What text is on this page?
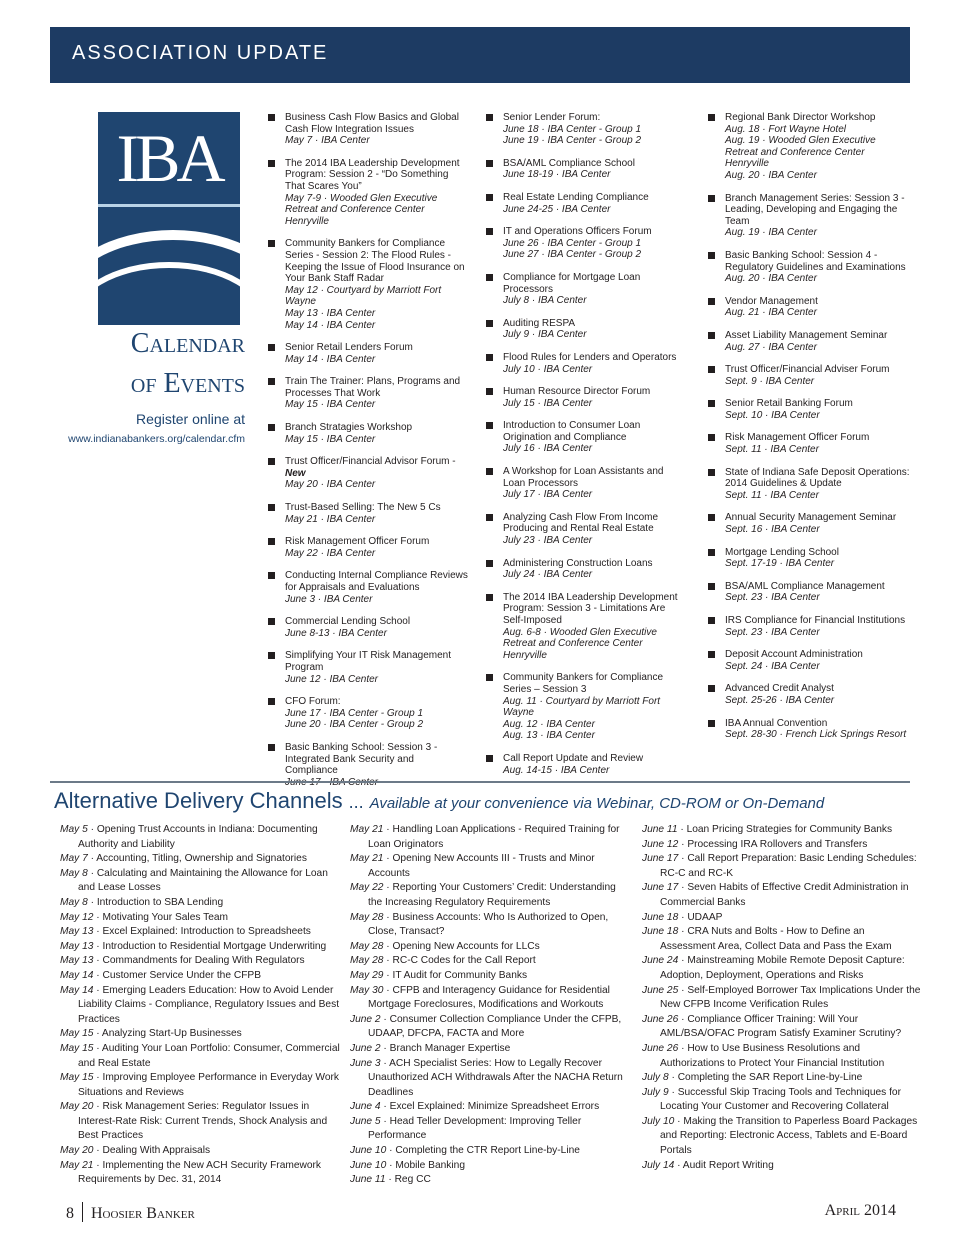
ASSOCIATION UPDATE
IBA
Calendar
of Events
Register online at
www.indianabankers.org/calendar.cfm
Business Cash Flow Basics and Global Cash Flow Integration Issues
May 7 · IBA Center
The 2014 IBA Leadership Development Program: Session 2 - “Do Something That Scares You”
May 7-9 · Wooded Glen Executive Retreat and Conference Center Henryville
Community Bankers for Compliance Series - Session 2: The Flood Rules - Keeping the Issue of Flood Insurance on Your Bank Staff Radar
May 12 · Courtyard by Marriott Fort Wayne
May 13 · IBA Center
May 14 · IBA Center
Senior Retail Lenders Forum
May 14 · IBA Center
Train The Trainer: Plans, Programs and Processes That Work
May 15 · IBA Center
Branch Stratagies Workshop
May 15 · IBA Center
Trust Officer/Financial Advisor Forum - New
May 20 · IBA Center
Trust-Based Selling: The New 5 Cs
May 21 · IBA Center
Risk Management Officer Forum
May 22 · IBA Center
Conducting Internal Compliance Reviews for Appraisals and Evaluations
June 3 · IBA Center
Commercial Lending School
June 8-13 · IBA Center
Simplifying Your IT Risk Management Program
June 12 · IBA Center
CFO Forum:
June 17 · IBA Center - Group 1
June 20 · IBA Center - Group 2
Basic Banking School: Session 3 - Integrated Bank Security and Compliance
Senior Lender Forum:
June 18 · IBA Center - Group 1
June 19 · IBA Center - Group 2
BSA/AML Compliance School
June 18-19 · IBA Center
Real Estate Lending Compliance
June 24-25 · IBA Center
IT and Operations Officers Forum
June 26 · IBA Center - Group 1
June 27 · IBA Center - Group 2
Compliance for Mortgage Loan Processors
July 8 · IBA Center
Auditing RESPA
July 9 · IBA Center
Flood Rules for Lenders and Operators
July 10 · IBA Center
Human Resource Director Forum
July 15 · IBA Center
Introduction to Consumer Loan Origination and Compliance
July 16 · IBA Center
A Workshop for Loan Assistants and Loan Processors
July 17 · IBA Center
Analyzing Cash Flow From Income Producing and Rental Real Estate
July 23 · IBA Center
Administering Construction Loans
July 24 · IBA Center
The 2014 IBA Leadership Development Program: Session 3 - Limitations Are Self-Imposed
Aug. 6-8 · Wooded Glen Executive Retreat and Conference Center Henryville
Community Bankers for Compliance Series – Session 3
Aug. 11 · Courtyard by Marriott Fort Wayne
Aug. 12 · IBA Center
Aug. 13 · IBA Center
Call Report Update and Review
Aug. 14-15 · IBA Center
Regional Bank Director Workshop
Aug. 18 · Fort Wayne Hotel
Aug. 19 · Wooded Glen Executive Retreat and Conference Center Henryville
Aug. 20 · IBA Center
Branch Management Series: Session 3 - Leading, Developing and Engaging the Team
Aug. 19 · IBA Center
Basic Banking School: Session 4 - Regulatory Guidelines and Examinations
Aug. 20 · IBA Center
Vendor Management
Aug. 21 · IBA Center
Asset Liability Management Seminar
Aug. 27 · IBA Center
Trust Officer/Financial Adviser Forum
Sept. 9 · IBA Center
Senior Retail Banking Forum
Sept. 10 · IBA Center
Risk Management Officer Forum
Sept. 11 · IBA Center
State of Indiana Safe Deposit Operations: 2014 Guidelines & Update
Sept. 11 · IBA Center
Annual Security Management Seminar
Sept. 16 · IBA Center
Mortgage Lending School
Sept. 17-19 · IBA Center
BSA/AML Compliance Management
Sept. 23 · IBA Center
IRS Compliance for Financial Institutions
Sept. 23 · IBA Center
Deposit Account Administration
Sept. 24 · IBA Center
Advanced Credit Analyst
Sept. 25-26 · IBA Center
IBA Annual Convention
Sept. 28-30 · French Lick Springs Resort
Alternative Delivery Channels ... Available at your convenience via Webinar, CD-ROM or On-Demand
May 5 · Opening Trust Accounts in Indiana: Documenting Authority and Liability
May 7 · Accounting, Titling, Ownership and Signatories
May 8 · Calculating and Maintaining the Allowance for Loan and Lease Losses
May 8 · Introduction to SBA Lending
May 12 · Motivating Your Sales Team
May 13 · Excel Explained: Introduction to Spreadsheets
May 13 · Introduction to Residential Mortgage Underwriting
May 13 · Commandments for Dealing With Regulators
May 14 · Customer Service Under the CFPB
May 14 · Emerging Leaders Education: How to Avoid Lender Liability Claims - Compliance, Regulatory Issues and Best Practices
May 15 · Analyzing Start-Up Businesses
May 15 · Auditing Your Loan Portfolio: Consumer, Commercial and Real Estate
May 15 · Improving Employee Performance in Everyday Work Situations and Reviews
May 20 · Risk Management Series: Regulator Issues in Interest-Rate Risk: Current Trends, Shock Analysis and Best Practices
May 20 · Dealing With Appraisals
May 21 · Implementing the New ACH Security Framework Requirements by Dec. 31, 2014
May 21 · Handling Loan Applications - Required Training for Loan Originators
May 21 · Opening New Accounts III - Trusts and Minor Accounts
May 22 · Reporting Your Customers’ Credit: Understanding the Increasing Regulatory Requirements
May 28 · Business Accounts: Who Is Authorized to Open, Close, Transact?
May 28 · Opening New Accounts for LLCs
May 28 · RC-C Codes for the Call Report
May 29 · IT Audit for Community Banks
May 30 · CFPB and Interagency Guidance for Residential Mortgage Foreclosures, Modifications and Workouts
June 2 · Consumer Collection Compliance Under the CFPB, UDAAP, DFCPA, FACTA and More
June 2 · Branch Manager Expertise
June 3 · ACH Specialist Series: How to Legally Recover Unauthorized ACH Withdrawals After the NACHA Return Deadlines
June 4 · Excel Explained: Minimize Spreadsheet Errors
June 5 · Head Teller Development: Improving Teller Performance
June 10 · Completing the CTR Report Line-by-Line
June 10 · Mobile Banking
June 11 · Reg CC
June 11 · Loan Pricing Strategies for Community Banks
June 12 · Processing IRA Rollovers and Transfers
June 17 · Call Report Preparation: Basic Lending Schedules: RC-C and RC-K
June 17 · Seven Habits of Effective Credit Administration in Commercial Banks
June 18 · UDAAP
June 18 · CRA Nuts and Bolts - How to Define an Assessment Area, Collect Data and Pass the Exam
June 24 · Mainstreaming Mobile Remote Deposit Capture: Adoption, Deployment, Operations and Risks
June 25 · Self-Employed Borrower Tax Implications Under the New CFPB Income Verification Rules
June 26 · Compliance Officer Training: Will Your AML/BSA/OFAC Program Satisfy Examiner Scrutiny?
June 26 · How to Use Business Resolutions and Authorizations to Protect Your Financial Institution
July 8 · Completing the SAR Report Line-by-Line
July 9 · Successful Skip Tracing Tools and Techniques for Locating Your Customer and Recovering Collateral
July 10 · Making the Transition to Paperless Board Packages and Reporting: Electronic Access, Tablets and E-Board Portals
July 14 · Audit Report Writing
8 Hoosier Banker	April 2014
